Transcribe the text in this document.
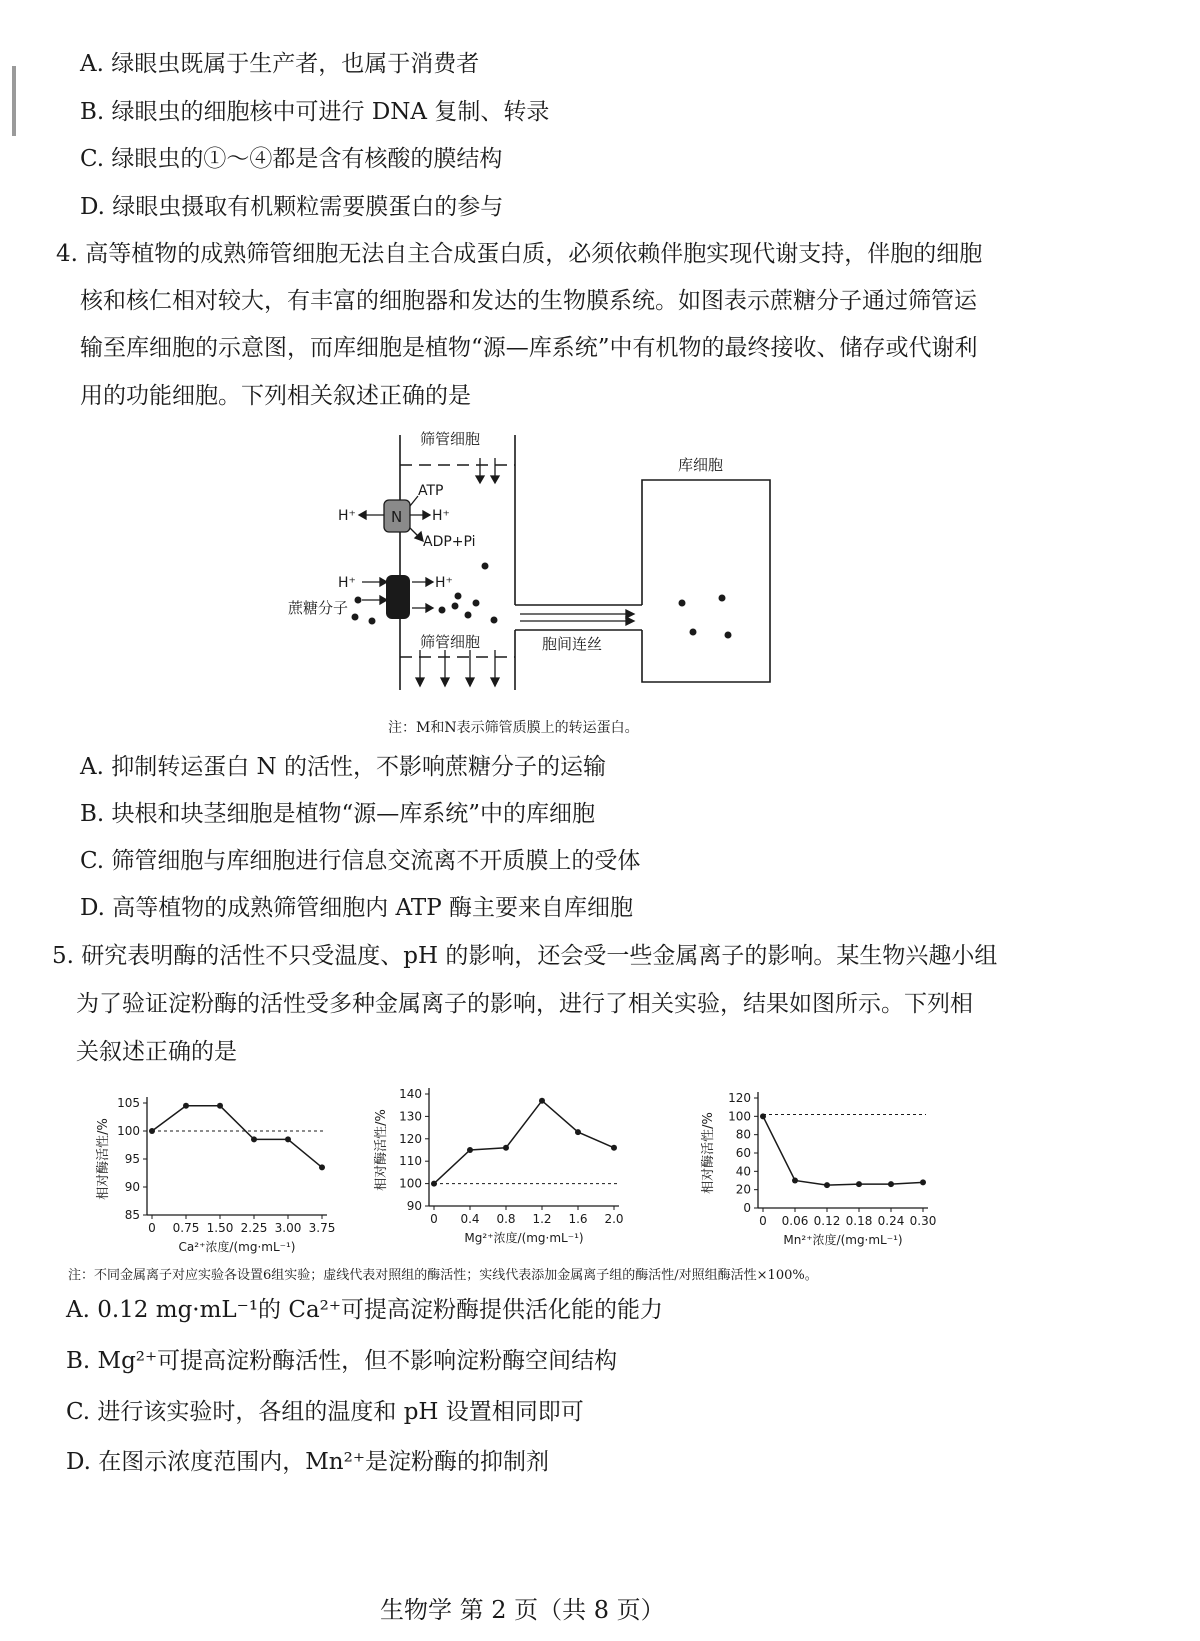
A. 绿眼虫既属于生产者，也属于消费者
B. 绿眼虫的细胞核中可进行 DNA 复制、转录
C. 绿眼虫的①～④都是含有核酸的膜结构
D. 绿眼虫摄取有机颗粒需要膜蛋白的参与
4. 高等植物的成熟筛管细胞无法自主合成蛋白质，必须依赖伴胞实现代谢支持，伴胞的细胞
核和核仁相对较大，有丰富的细胞器和发达的生物膜系统。如图表示蔗糖分子通过筛管运
输至库细胞的示意图，而库细胞是植物“源—库系统”中有机物的最终接收、储存或代谢利
用的功能细胞。下列相关叙述正确的是
筛管细胞
筛管细胞
N
H⁺	H⁺
ATP
ADP+Pi
H⁺	H⁺
蔗糖分子
胞间连丝
库细胞
注：M和N表示筛管质膜上的转运蛋白。
A. 抑制转运蛋白 N 的活性，不影响蔗糖分子的运输
B. 块根和块茎细胞是植物“源—库系统”中的库细胞
C. 筛管细胞与库细胞进行信息交流离不开质膜上的受体
D. 高等植物的成熟筛管细胞内 ATP 酶主要来自库细胞
5. 研究表明酶的活性不只受温度、pH 的影响，还会受一些金属离子的影响。某生物兴趣小组
为了验证淀粉酶的活性受多种金属离子的影响，进行了相关实验，结果如图所示。下列相
关叙述正确的是
85
90
95
100
105
0 0.75 1.50 2.25 3.00 3.75
Ca²⁺浓度/(mg·mL⁻¹)
相对酶活性/%
90
100
110
120
130
140
0 0.4 0.8 1.2 1.6 2.0
Mg²⁺浓度/(mg·mL⁻¹)
相对酶活性/%
0
20
40
60
80
100
120
0 0.06 0.12 0.18 0.24 0.30
Mn²⁺浓度/(mg·mL⁻¹)
相对酶活性/%
注：不同金属离子对应实验各设置6组实验；虚线代表对照组的酶活性；实线代表添加金属离子组的酶活性/对照组酶活性×100%。
A. 0.12 mg·mL⁻¹的 Ca²⁺可提高淀粉酶提供活化能的能力
B. Mg²⁺可提高淀粉酶活性，但不影响淀粉酶空间结构
C. 进行该实验时，各组的温度和 pH 设置相同即可
D. 在图示浓度范围内，Mn²⁺是淀粉酶的抑制剂
生物学 第 2 页（共 8 页）
